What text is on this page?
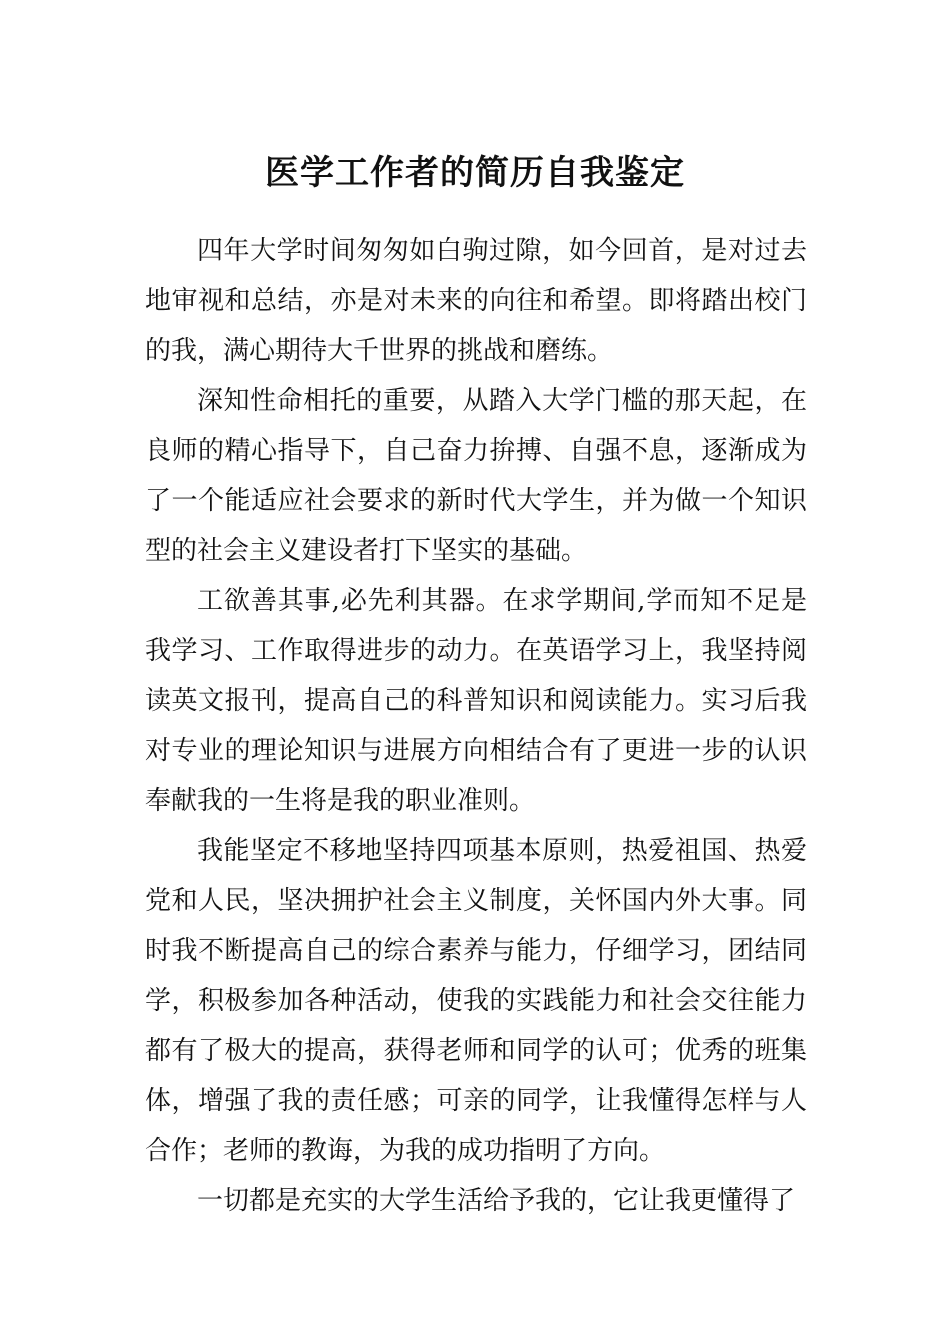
医学工作者的简历自我鉴定

四年大学时间匆匆如白驹过隙，如今回首，是对过去地审视和总结，亦是对未来的向往和希望。即将踏出校门的我，满心期待大千世界的挑战和磨练。

深知性命相托的重要，从踏入大学门槛的那天起，在良师的精心指导下，自己奋力拚搏、自强不息，逐渐成为了一个能适应社会要求的新时代大学生，并为做一个知识型的社会主义建设者打下坚实的基础。

工欲善其事,必先利其器。在求学期间,学而知不足是我学习、工作取得进步的动力。在英语学习上，我坚持阅读英文报刊，提高自己的科普知识和阅读能力。实习后我对专业的理论知识与进展方向相结合有了更进一步的认识奉献我的一生将是我的职业准则。

我能坚定不移地坚持四项基本原则，热爱祖国、热爱党和人民，坚决拥护社会主义制度，关怀国内外大事。同时我不断提高自己的综合素养与能力，仔细学习，团结同学，积极参加各种活动，使我的实践能力和社会交往能力都有了极大的提高，获得老师和同学的认可；优秀的班集体，增强了我的责任感；可亲的同学，让我懂得怎样与人合作；老师的教诲，为我的成功指明了方向。

一切都是充实的大学生活给予我的，它让我更懂得了
